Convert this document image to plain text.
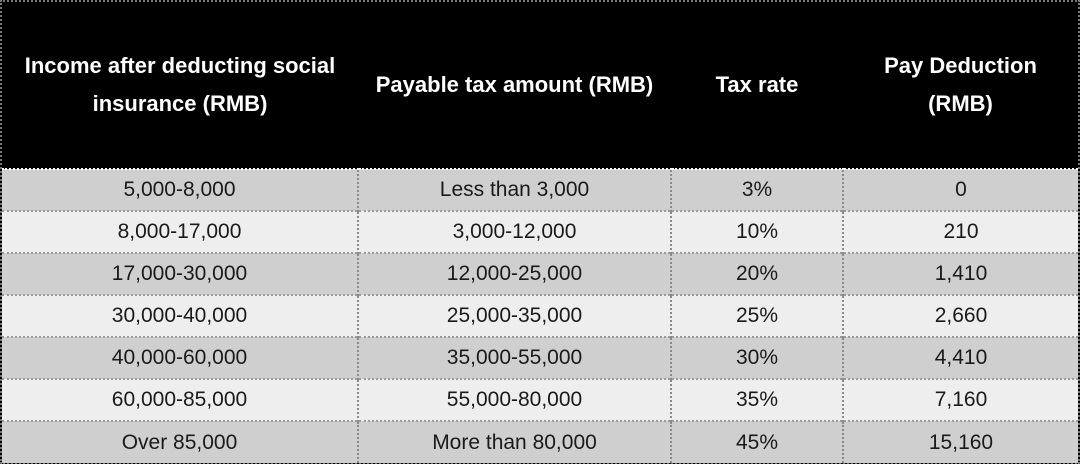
Income after deducting social insurance (RMB)	Payable tax amount (RMB)	Tax rate	Pay Deduction (RMB)
5,000-8,000	Less than 3,000	3%	0
8,000-17,000	3,000-12,000	10%	210
17,000-30,000	12,000-25,000	20%	1,410
30,000-40,000	25,000-35,000	25%	2,660
40,000-60,000	35,000-55,000	30%	4,410
60,000-85,000	55,000-80,000	35%	7,160
Over 85,000	More than 80,000	45%	15,160
